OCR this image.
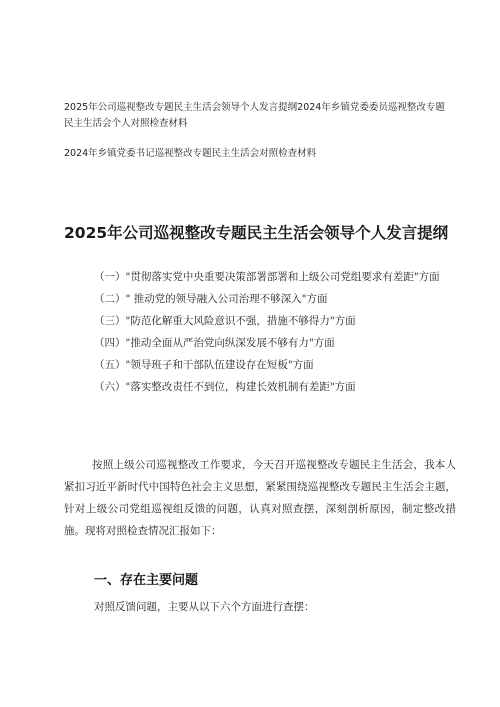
2025年公司巡视整改专题民主生活会领导个人发言提纲2024年乡镇党委委员巡视整改专题民主生活会个人对照检查材料

2024年乡镇党委书记巡视整改专题民主生活会对照检查材料

2025年公司巡视整改专题民主生活会领导个人发言提纲

（一）"贯彻落实党中央重要决策部署部署和上级公司党组要求有差距"方面

（二）" 推动党的领导融入公司治理不够深入"方面

（三）"防范化解重大风险意识不强，措施不够得力"方面

（四）"推动全面从严治党向纵深发展不够有力"方面

（五）"领导班子和干部队伍建设存在短板"方面

（六）"落实整改责任不到位，构建长效机制有差距"方面

按照上级公司巡视整改工作要求，今天召开巡视整改专题民主生活会，我本人紧扣习近平新时代中国特色社会主义思想，紧紧围绕巡视整改专题民主生活会主题，针对上级公司党组巡视组反馈的问题，认真对照查摆，深刻剖析原因，制定整改措施。现将对照检查情况汇报如下：

一、存在主要问题

对照反馈问题，主要从以下六个方面进行查摆：
